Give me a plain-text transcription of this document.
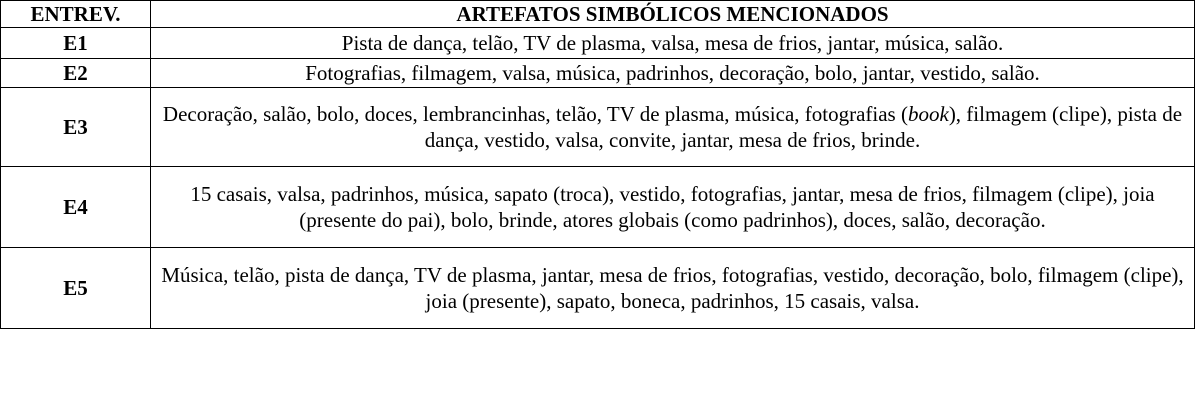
ENTREV.	ARTEFATOS SIMBÓLICOS MENCIONADOS
E1	Pista de dança, telão, TV de plasma, valsa, mesa de frios, jantar, música, salão.
E2	Fotografias, filmagem, valsa, música, padrinhos, decoração, bolo, jantar, vestido, salão.
E3	Decoração, salão, bolo, doces, lembrancinhas, telão, TV de plasma, música, fotografias (book), filmagem (clipe), pista de dança, vestido, valsa, convite, jantar, mesa de frios, brinde.
E4	15 casais, valsa, padrinhos, música, sapato (troca), vestido, fotografias, jantar, mesa de frios, filmagem (clipe), joia (presente do pai), bolo, brinde, atores globais (como padrinhos), doces, salão, decoração.
E5	Música, telão, pista de dança, TV de plasma, jantar, mesa de frios, fotografias, vestido, decoração, bolo, filmagem (clipe), joia (presente), sapato, boneca, padrinhos, 15 casais, valsa.
